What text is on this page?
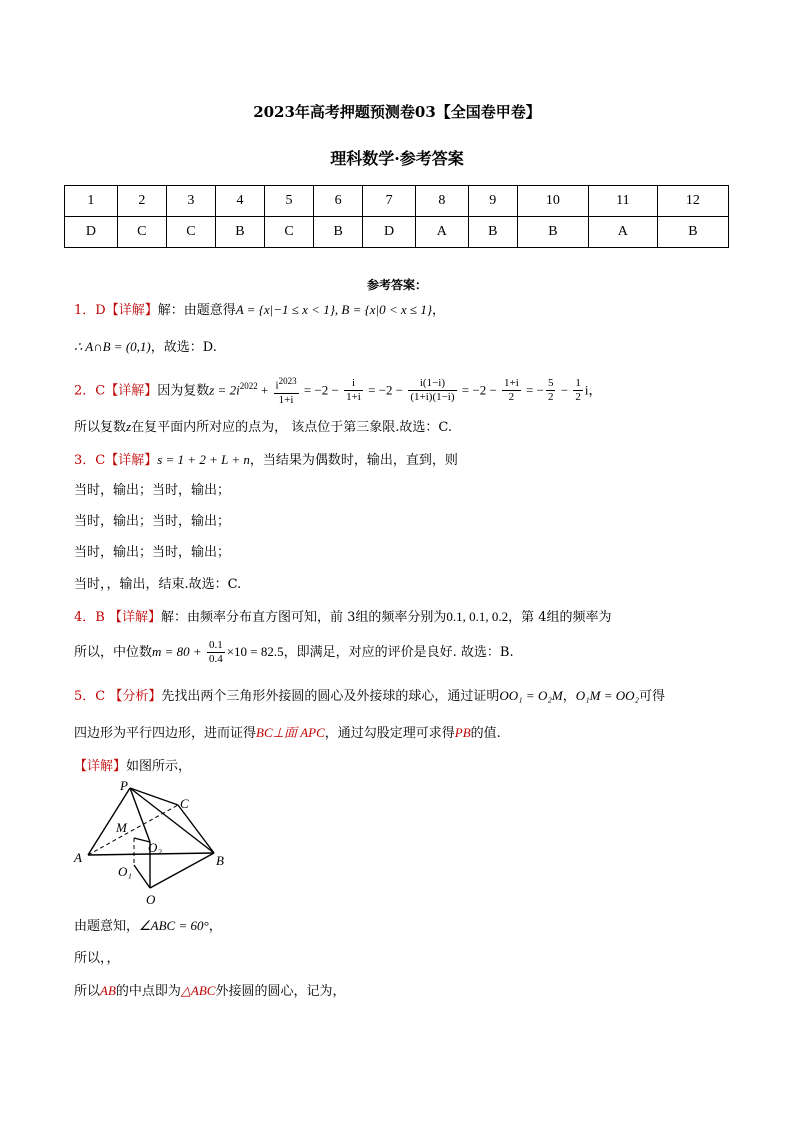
2023年高考押题预测卷03【全国卷甲卷】
理科数学·参考答案
1	2	3	4	5	6	7	8	9	10	11	12
D	C	C	B	C	B	D	A	B	B	A	B
参考答案：
1．D【详解】解：由题意得A = {x|−1 ≤ x < 1}, B = {x|0 < x ≤ 1}，
∴ A∩B = (0,1)，故选：D.
2．C【详解】因为复数$z = 2i^{2022} + \frac{i^{2023}}{1+i} = -2 - \frac{i}{1+i} = -2 - \frac{i(1-i)}{(1+i)(1-i)} = -2 - \frac{1+i}{2}$ = − $\frac{5}{2} - \frac{1}{2}$ i，
所以复数z在复平面内所对应的点为， 该点位于第三象限.故选：C.
3．C【详解】s = 1 + 2 + L + n，当结果为偶数时，输出，直到，则
当时，输出；当时，输出；
当时，输出；当时，输出；
当时，输出；当时，输出；
当时，，输出，结束.故选：C.
4．B 【详解】解：由频率分布直方图可知，前 3组的频率分别为0.1, 0.1, 0.2，第 4组的频率为
所以，中位数$m = 80 + \frac{0.1}{0.4} \times 10 = 82.5$，即满足，对应的评价是良好. 故选：B.
5．C 【分析】先找出两个三角形外接圆的圆心及外接球的球心，通过证明OO₁ = O₂M，O₁M = OO₂可得
四边形为平行四边形，进而证得BC⊥面 APC，通过勾股定理可求得PB的值.
【详解】如图所示，
P
C
M
A
O₂
B
O₁
O
由题意知，∠ABC = 60°，
所以，，
所以AB的中点即为△ABC外接圆的圆心，记为，
